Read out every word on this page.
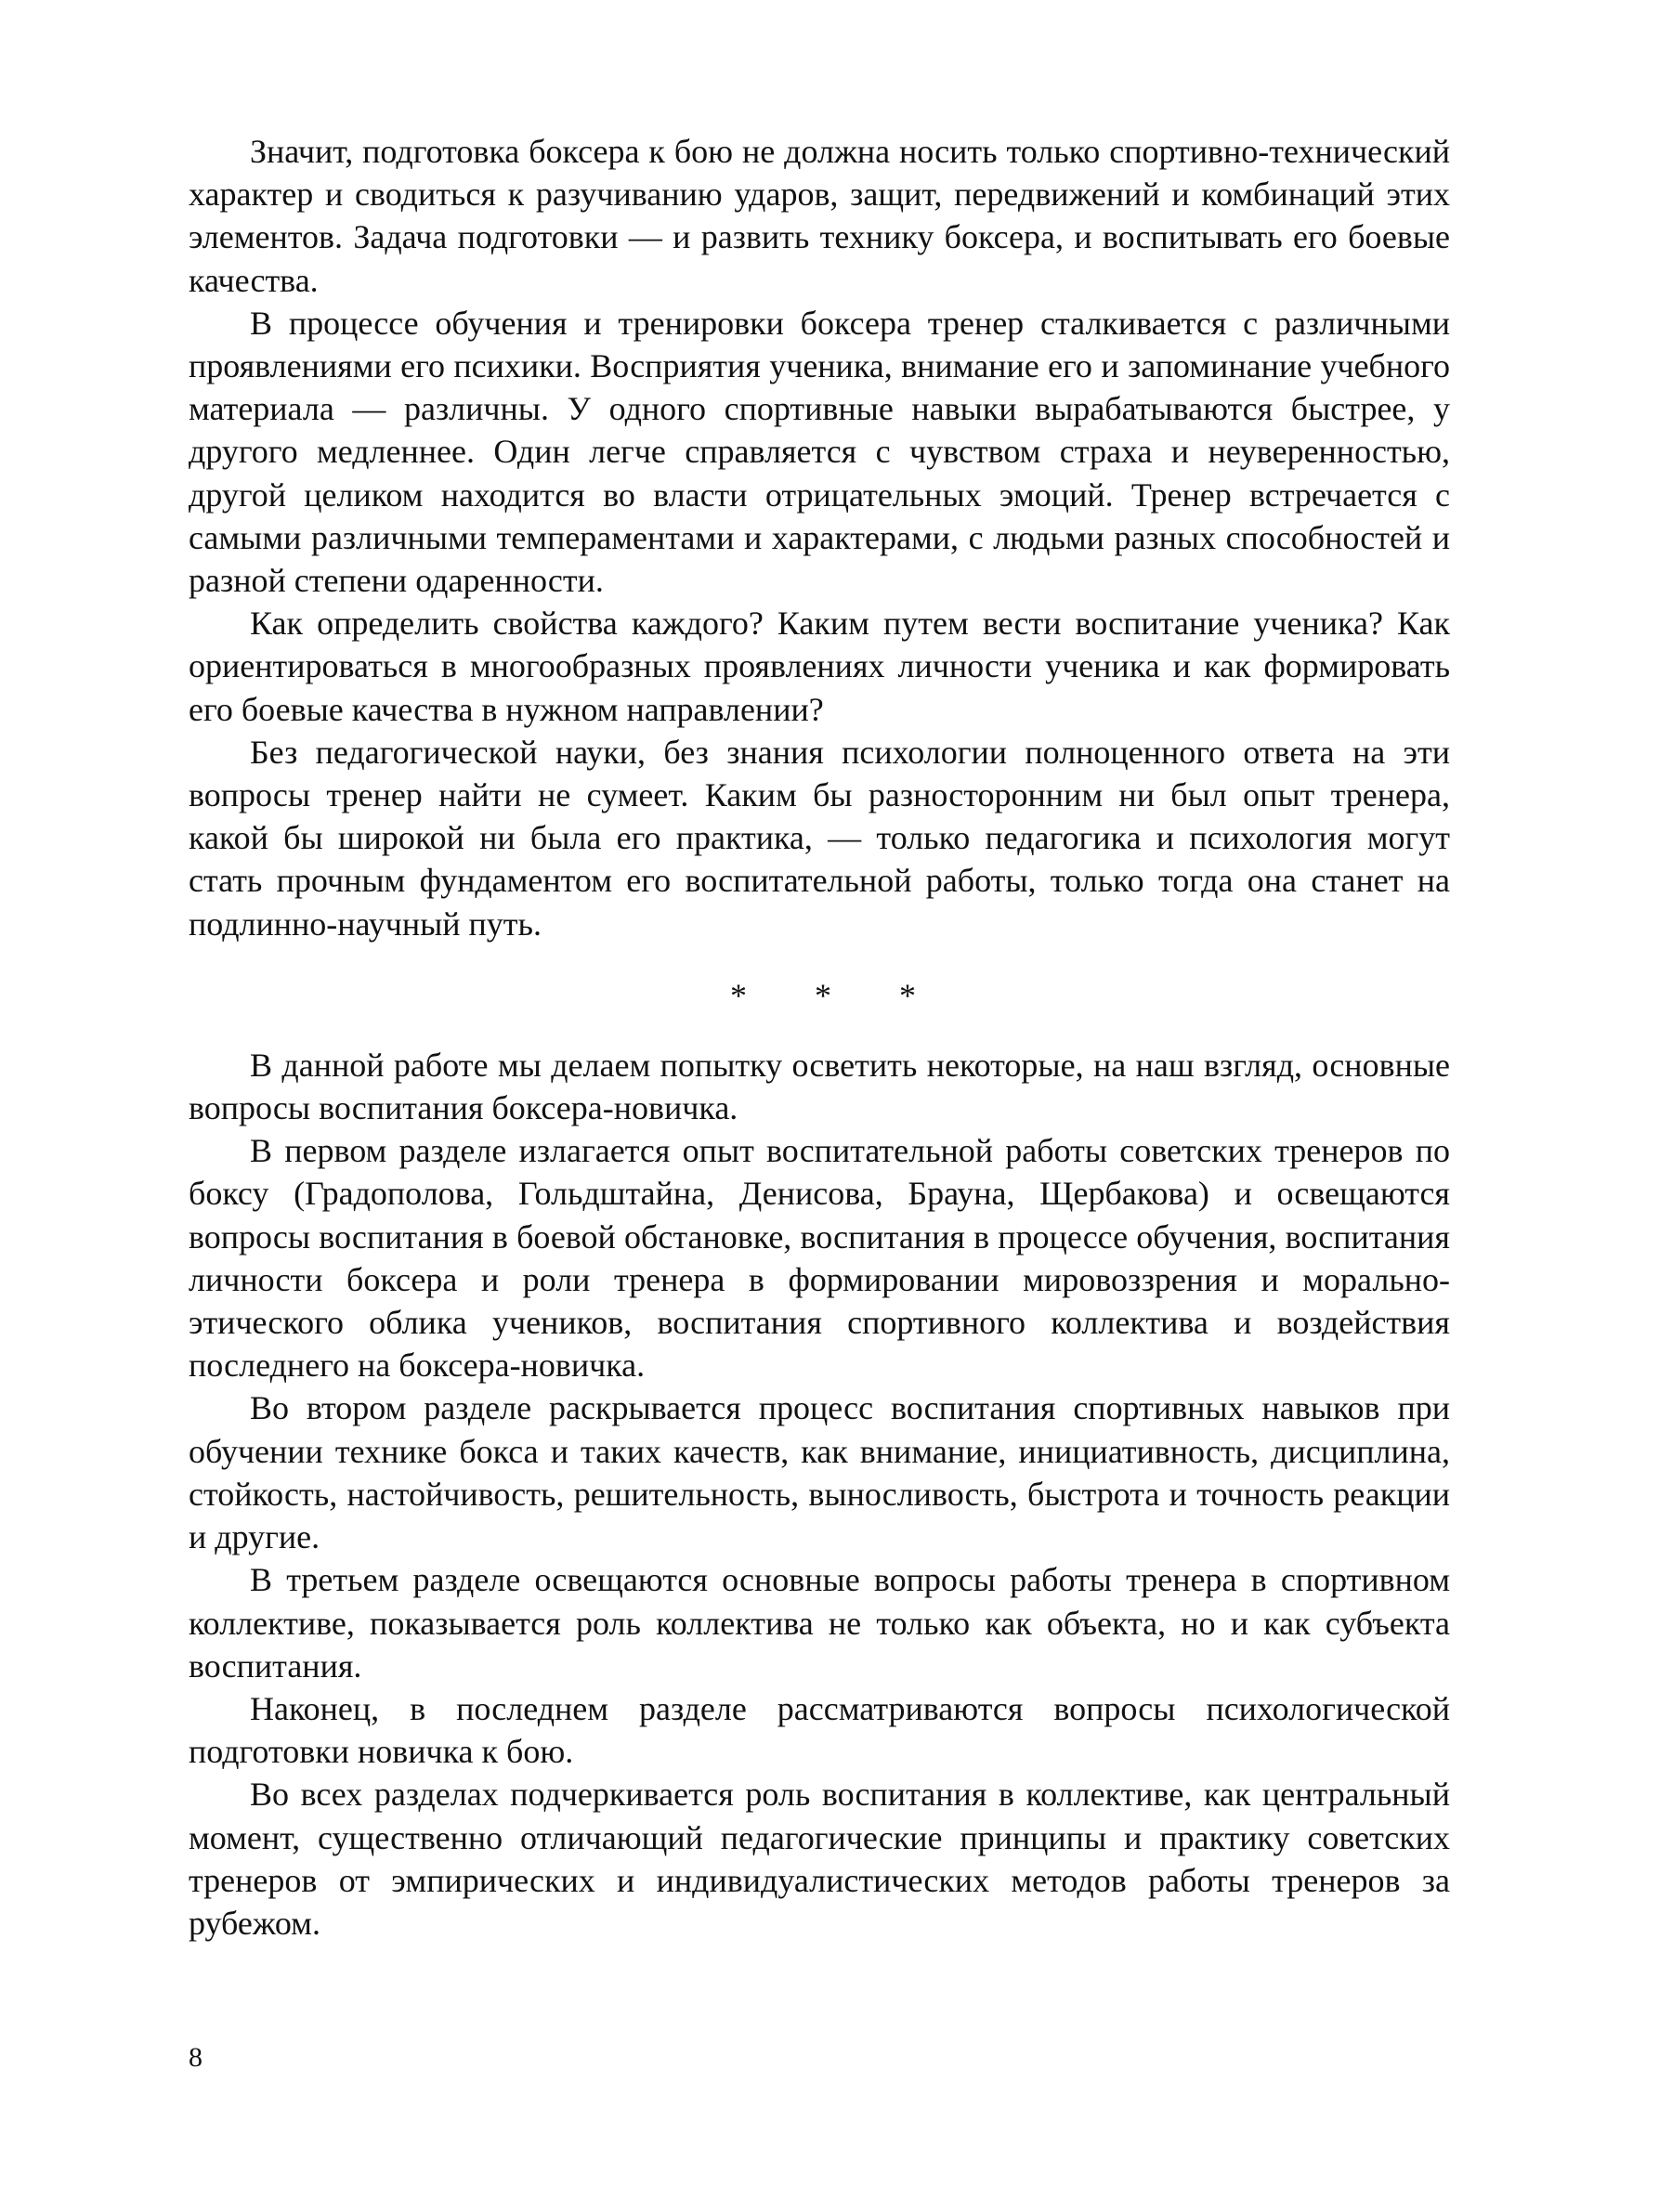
Значит, подготовка боксера к бою не должна носить только спортивно-технический характер и сводиться к разучиванию ударов, защит, передвижений и комбинаций этих элементов. Задача подготовки — и развить технику боксера, и воспитывать его боевые качества.

В процессе обучения и тренировки боксера тренер сталкивается с различными проявлениями его психики. Восприятия ученика, внимание его и запоминание учебного материала — различны. У одного спортивные навыки вырабатываются быстрее, у другого медленнее. Один легче справляется с чувством страха и неуверенностью, другой целиком находится во власти отрицательных эмоций. Тренер встречается с самыми различными темпераментами и характерами, с людьми разных способностей и разной степени одаренности.

Как определить свойства каждого? Каким путем вести воспитание ученика? Как ориентироваться в многообразных проявлениях личности ученика и как формировать его боевые качества в нужном направлении?

Без педагогической науки, без знания психологии полноценного ответа на эти вопросы тренер найти не сумеет. Каким бы разносторонним ни был опыт тренера, какой бы широкой ни была его практика, — только педагогика и психология могут стать прочным фундаментом его воспитательной работы, только тогда она станет на подлинно-научный путь.

* * *

В данной работе мы делаем попытку осветить некоторые, на наш взгляд, основные вопросы воспитания боксера-новичка.

В первом разделе излагается опыт воспитательной работы советских тренеров по боксу (Градополова, Гольдштайна, Денисова, Брауна, Щербакова) и освещаются вопросы воспитания в боевой обстановке, воспитания в процессе обучения, воспитания личности боксера и роли тренера в формировании мировоззрения и морально-этического облика учеников, воспитания спортивного коллектива и воздействия последнего на боксера-новичка.

Во втором разделе раскрывается процесс воспитания спортивных навыков при обучении технике бокса и таких качеств, как внимание, инициативность, дисциплина, стойкость, настойчивость, решительность, выносливость, быстрота и точность реакции и другие.

В третьем разделе освещаются основные вопросы работы тренера в спортивном коллективе, показывается роль коллектива не только как объекта, но и как субъекта воспитания.

Наконец, в последнем разделе рассматриваются вопросы психологической подготовки новичка к бою.

Во всех разделах подчеркивается роль воспитания в коллективе, как центральный момент, существенно отличающий педагогические принципы и практику советских тренеров от эмпирических и индивидуалистических методов работы тренеров за рубежом.

8
